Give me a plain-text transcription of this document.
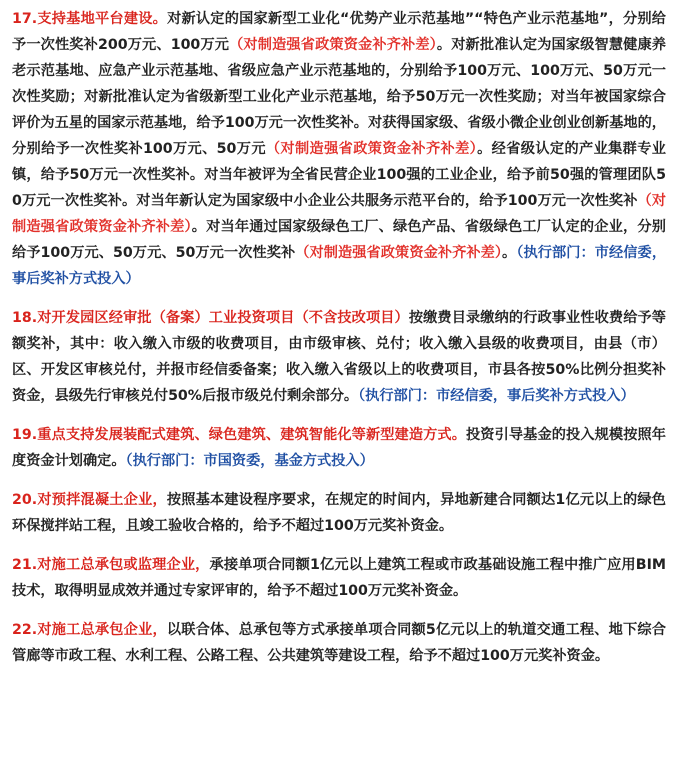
17.支持基地平台建设。对新认定的国家新型工业化“优势产业示范基地”“特色产业示范基地”，分别给予一次性奖补200万元、100万元（对制造强省政策资金补齐补差）。对新批准认定为国家级智慧健康养老示范基地、应急产业示范基地、省级应急产业示范基地的，分别给予100万元、100万元、50万元一次性奖励；对新批准认定为省级新型工业化产业示范基地，给予50万元一次性奖励；对当年被国家综合评价为五星的国家示范基地，给予100万元一次性奖补。对获得国家级、省级小微企业创业创新基地的，分别给予一次性奖补100万元、50万元（对制造强省政策资金补齐补差）。经省级认定的产业集群专业镇，给予50万元一次性奖补。对当年被评为全省民营企业100强的工业企业，给予前50强的管理团队50万元一次性奖补。对当年新认定为国家级中小企业公共服务示范平台的，给予100万元一次性奖补（对制造强省政策资金补齐补差）。对当年通过国家级绿色工厂、绿色产品、省级绿色工厂认定的企业，分别给予100万元、50万元、50万元一次性奖补（对制造强省政策资金补齐补差）。（执行部门：市经信委，事后奖补方式投入）

18.对开发园区经审批（备案）工业投资项目（不含技改项目）按缴费目录缴纳的行政事业性收费给予等额奖补，其中：收入缴入市级的收费项目，由市级审核、兑付；收入缴入县级的收费项目，由县（市）区、开发区审核兑付，并报市经信委备案；收入缴入省级以上的收费项目，市县各按50%比例分担奖补资金，县级先行审核兑付50%后报市级兑付剩余部分。（执行部门：市经信委，事后奖补方式投入）

19.重点支持发展装配式建筑、绿色建筑、建筑智能化等新型建造方式。投资引导基金的投入规模按照年度资金计划确定。（执行部门：市国资委，基金方式投入）

20.对预拌混凝土企业，按照基本建设程序要求，在规定的时间内，异地新建合同额达1亿元以上的绿色环保搅拌站工程，且竣工验收合格的，给予不超过100万元奖补资金。

21.对施工总承包或监理企业，承接单项合同额1亿元以上建筑工程或市政基础设施工程中推广应用BIM技术，取得明显成效并通过专家评审的，给予不超过100万元奖补资金。

22.对施工总承包企业，以联合体、总承包等方式承接单项合同额5亿元以上的轨道交通工程、地下综合管廊等市政工程、水利工程、公路工程、公共建筑等建设工程，给予不超过100万元奖补资金。
